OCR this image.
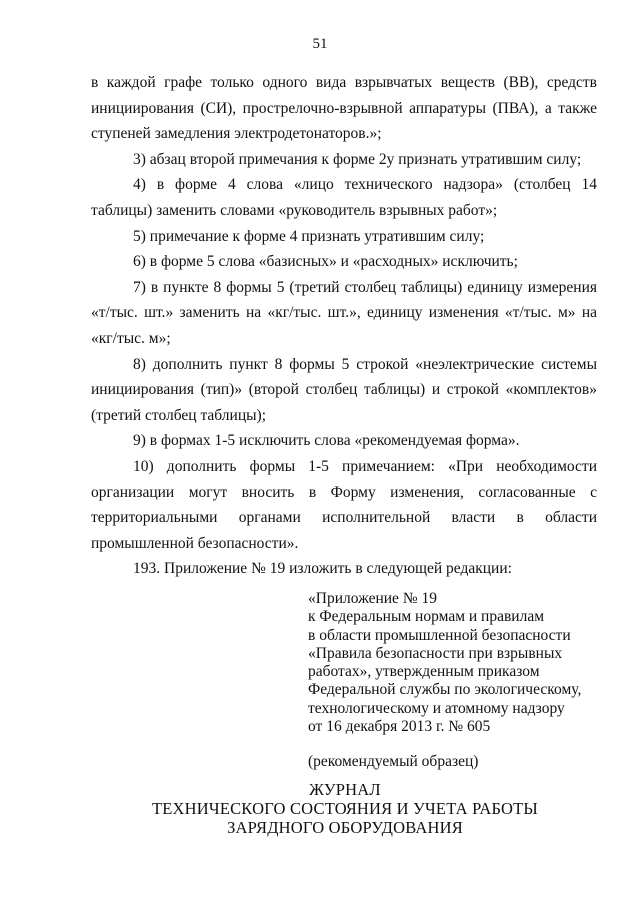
51

в каждой графе только одного вида взрывчатых веществ (ВВ), средств инициирования (СИ), прострелочно-взрывной аппаратуры (ПВА), а также ступеней замедления электродетонаторов.»;

3) абзац второй примечания к форме 2у признать утратившим силу;

4) в форме 4 слова «лицо технического надзора» (столбец 14 таблицы) заменить словами «руководитель взрывных работ»;

5) примечание к форме 4 признать утратившим силу;

6) в форме 5 слова «базисных» и «расходных» исключить;

7) в пункте 8 формы 5 (третий столбец таблицы) единицу измерения «т/тыс. шт.» заменить на «кг/тыс. шт.», единицу изменения «т/тыс. м» на «кг/тыс. м»;

8) дополнить пункт 8 формы 5 строкой «неэлектрические системы инициирования (тип)» (второй столбец таблицы) и строкой «комплектов» (третий столбец таблицы);

9) в формах 1-5 исключить слова «рекомендуемая форма».

10) дополнить формы 1-5 примечанием: «При необходимости организации могут вносить в Форму изменения, согласованные с территориальными органами исполнительной власти в области промышленной безопасности».

193. Приложение № 19 изложить в следующей редакции:

«Приложение № 19
к Федеральным нормам и правилам
в области промышленной безопасности
«Правила безопасности при взрывных
работах», утвержденным приказом
Федеральной службы по экологическому,
технологическому и атомному надзору
от 16 декабря 2013 г. № 605
(рекомендуемый образец)
ЖУРНАЛ
ТЕХНИЧЕСКОГО СОСТОЯНИЯ И УЧЕТА РАБОТЫ
ЗАРЯДНОГО ОБОРУДОВАНИЯ
